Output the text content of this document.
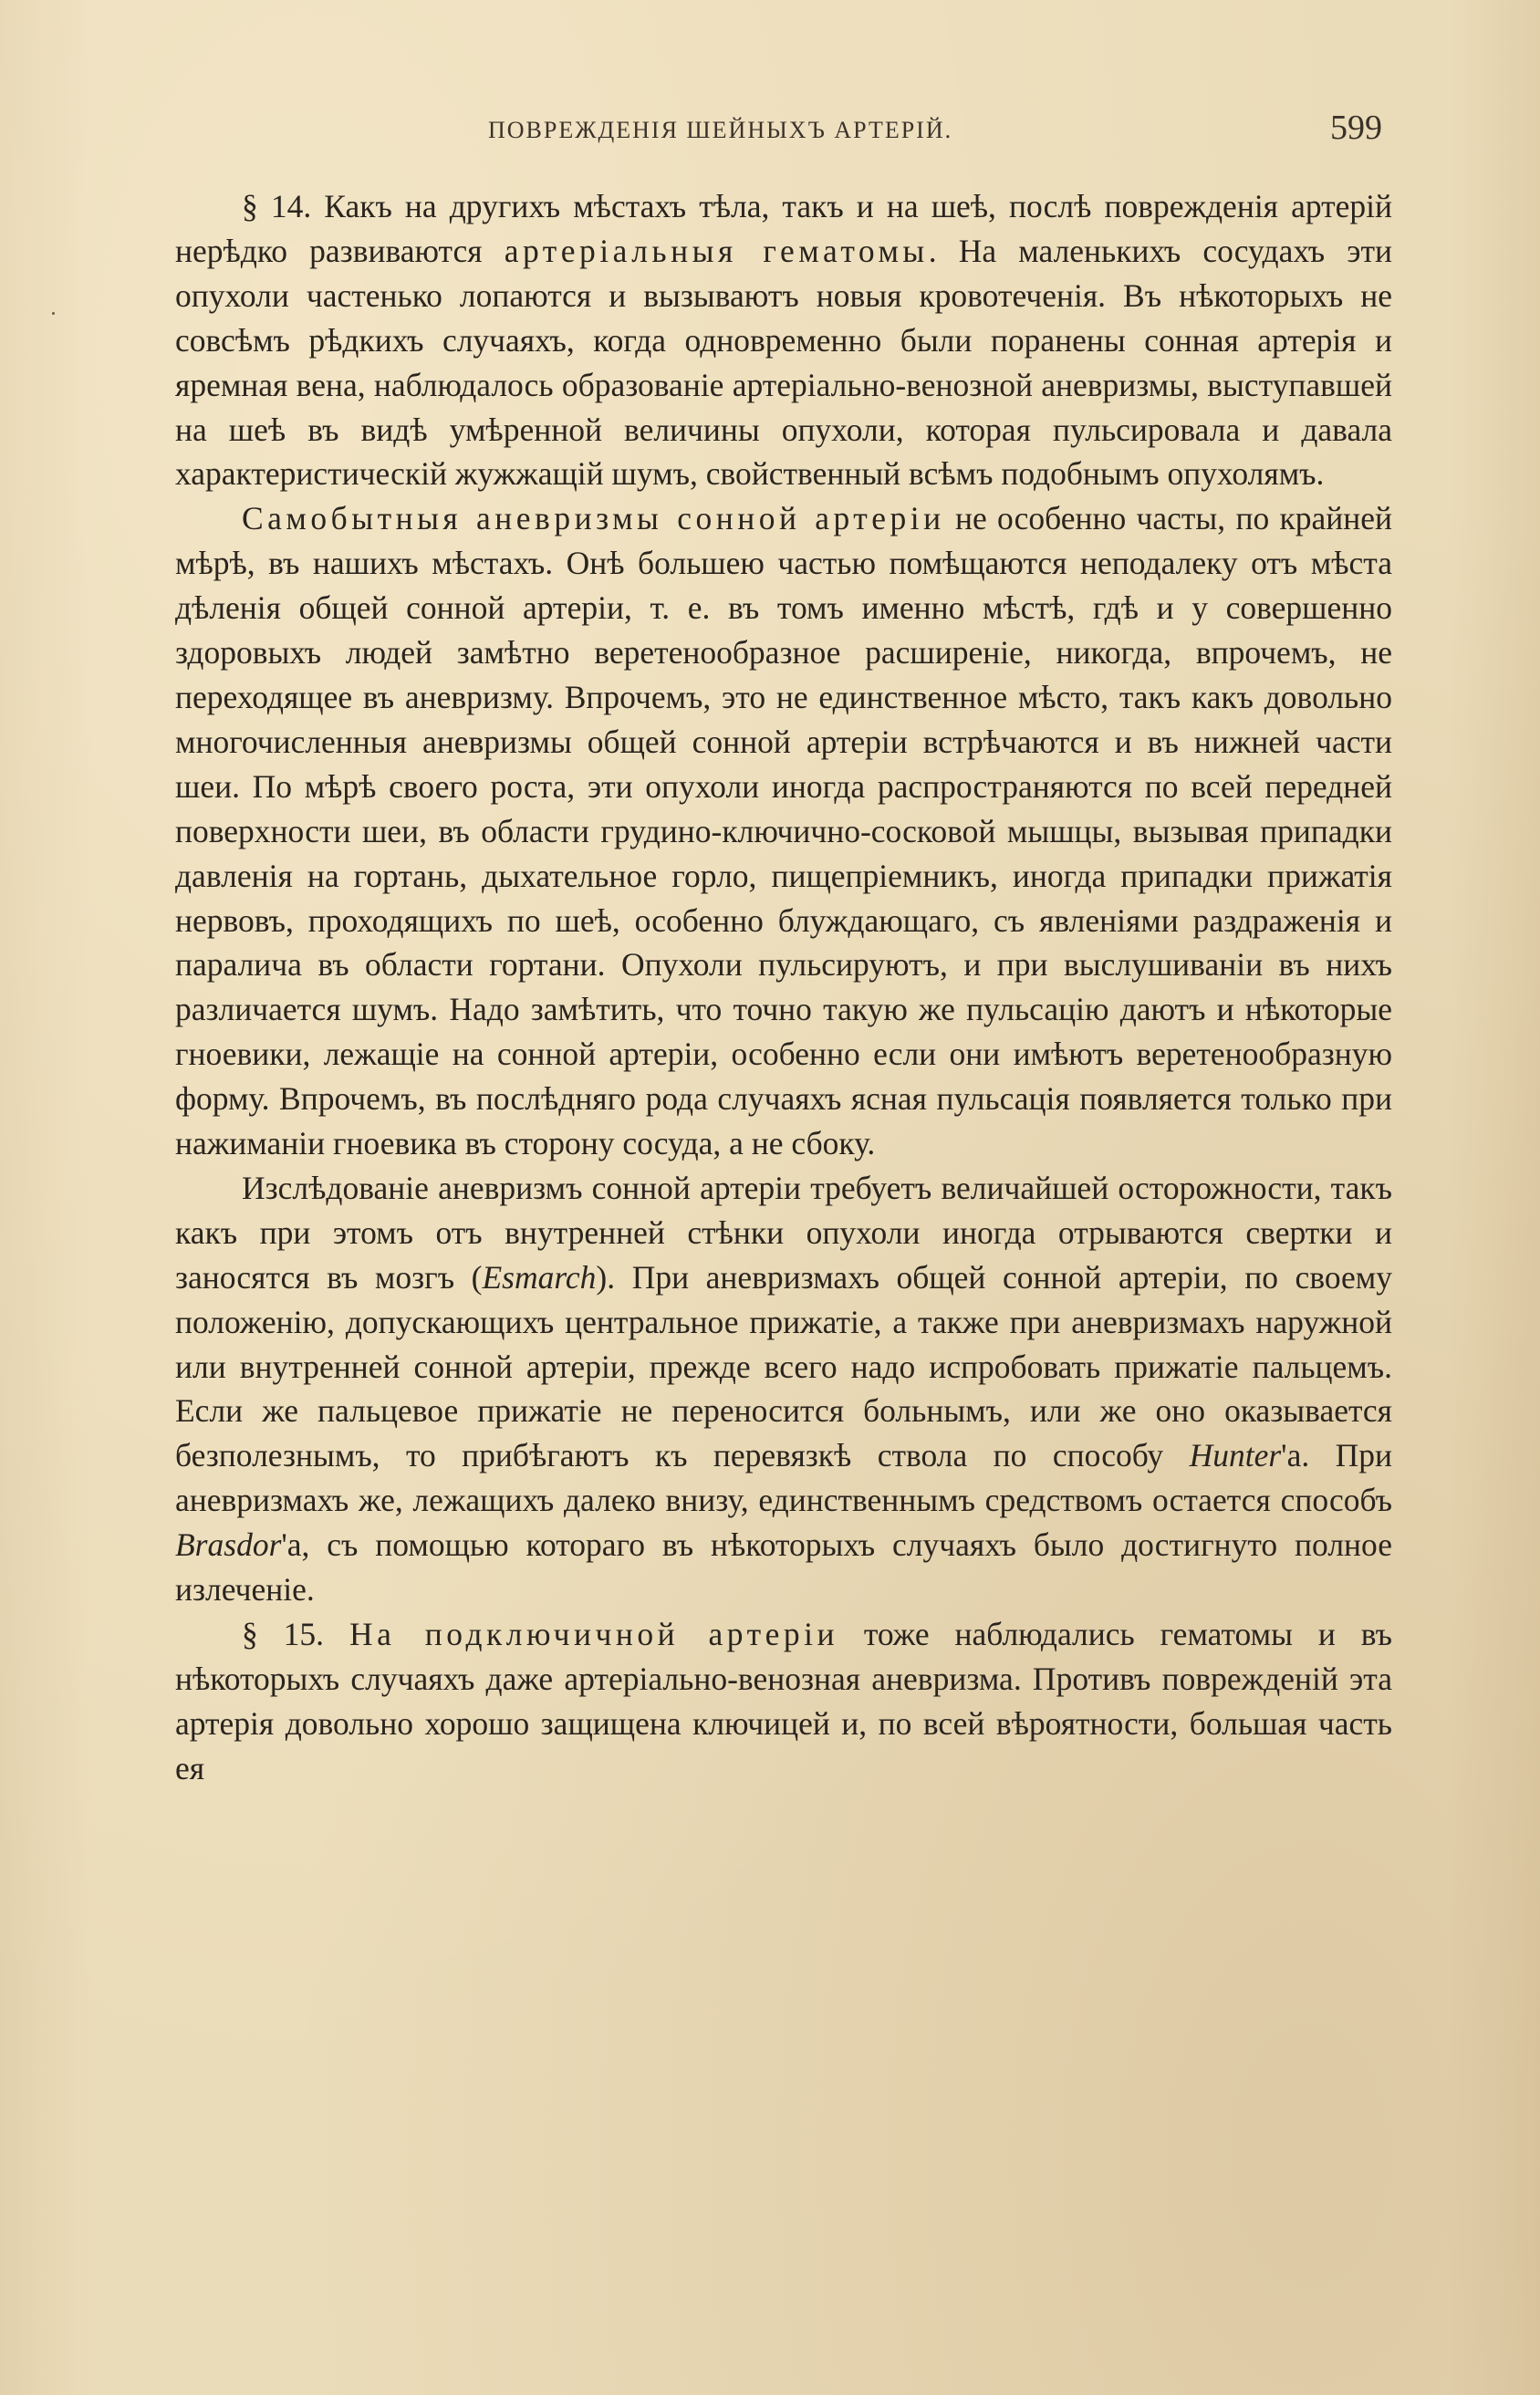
ПОВРЕЖДЕНІЯ ШЕЙНЫХЪ АРТЕРІЙ.	599

§ 14. Какъ на другихъ мѣстахъ тѣла, такъ и на шеѣ, послѣ поврежденія артерій нерѣдко развиваются артеріальныя гематомы. На маленькихъ сосудахъ эти опухоли частенько лопаются и вызываютъ новыя кровотеченія. Въ нѣкоторыхъ не совсѣмъ рѣдкихъ случаяхъ, когда одновременно были поранены сонная артерія и яремная вена, наблюдалось образованіе артеріально-венозной аневризмы, выступавшей на шеѣ въ видѣ умѣренной величины опухоли, которая пульсировала и давала характеристическій жужжащій шумъ, свойственный всѣмъ подобнымъ опухолямъ.

Самобытныя аневризмы сонной артеріи не особенно часты, по крайней мѣрѣ, въ нашихъ мѣстахъ. Онѣ большею частью помѣщаются неподалеку отъ мѣста дѣленія общей сонной артеріи, т. е. въ томъ именно мѣстѣ, гдѣ и у совершенно здоровыхъ людей замѣтно веретенообразное расширеніе, никогда, впрочемъ, не переходящее въ аневризму. Впрочемъ, это не единственное мѣсто, такъ какъ довольно многочисленныя аневризмы общей сонной артеріи встрѣчаются и въ нижней части шеи. По мѣрѣ своего роста, эти опухоли иногда распространяются по всей передней поверхности шеи, въ области грудино-ключично-сосковой мышцы, вызывая припадки давленія на гортань, дыхательное горло, пищепріемникъ, иногда припадки прижатія нервовъ, проходящихъ по шеѣ, особенно блуждающаго, съ явленіями раздраженія и паралича въ области гортани. Опухоли пульсируютъ, и при выслушиваніи въ нихъ различается шумъ. Надо замѣтить, что точно такую же пульсацію даютъ и нѣкоторые гноевики, лежащіе на сонной артеріи, особенно если они имѣютъ веретенообразную форму. Впрочемъ, въ послѣдняго рода случаяхъ ясная пульсація появляется только при нажиманіи гноевика въ сторону сосуда, а не сбоку.

Изслѣдованіе аневризмъ сонной артеріи требуетъ величайшей осторожности, такъ какъ при этомъ отъ внутренней стѣнки опухоли иногда отрываются свертки и заносятся въ мозгъ (Esmarch). При аневризмахъ общей сонной артеріи, по своему положенію, допускающихъ центральное прижатіе, а также при аневризмахъ наружной или внутренней сонной артеріи, прежде всего надо испробовать прижатіе пальцемъ. Если же пальцевое прижатіе не переносится больнымъ, или же оно оказывается безполезнымъ, то прибѣгаютъ къ перевязкѣ ствола по способу Hunter'а. При аневризмахъ же, лежащихъ далеко внизу, единственнымъ средствомъ остается способъ Brasdor'а, съ помощью котораго въ нѣкоторыхъ случаяхъ было достигнуто полное излеченіе.

§ 15. На подключичной артеріи тоже наблюдались гематомы и въ нѣкоторыхъ случаяхъ даже артеріально-венозная аневризма. Противъ поврежденій эта артерія довольно хорошо защищена ключицей и, по всей вѣроятности, большая часть ея
